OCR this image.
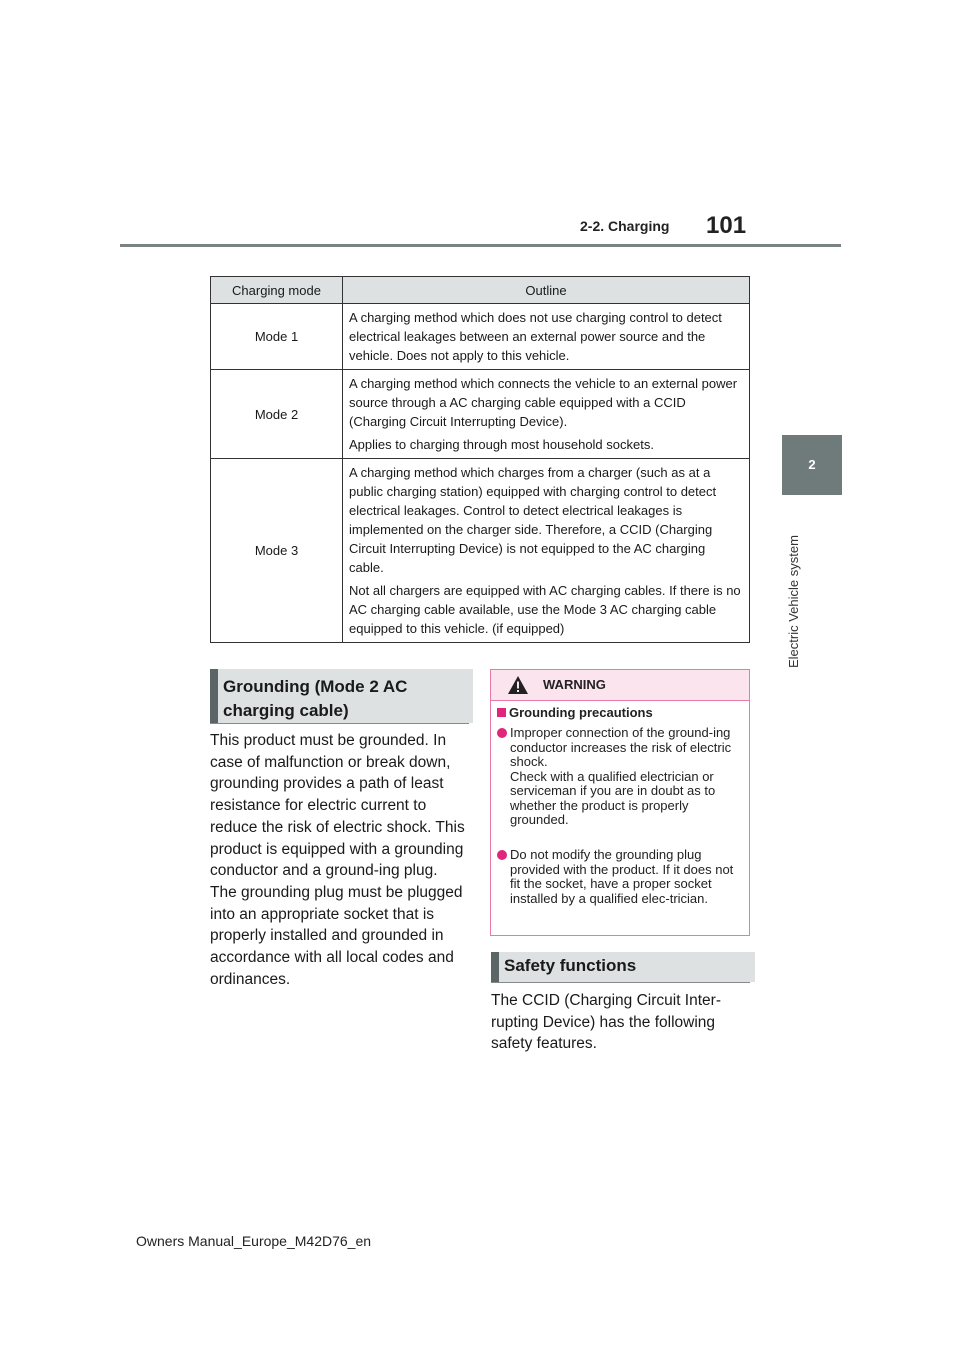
2-2. Charging 101
2
Electric Vehicle system
Charging mode	Outline
Mode 1	A charging method which does not use charging control to detect electrical leakages between an external power source and the vehicle. Does not apply to this vehicle.

Mode 2	A charging method which connects the vehicle to an external power source through a AC charging cable equipped with a CCID (Charging Circuit Interrupting Device).

Applies to charging through most household sockets.

Mode 3	A charging method which charges from a charger (such as at a public charging station) equipped with charging control to detect electrical leakages. Control to detect electrical leakages is implemented on the charger side. Therefore, a CCID (Charging Circuit Interrupting Device) is not equipped to the AC charging cable.

Not all chargers are equipped with AC charging cables. If there is no AC charging cable available, use the Mode 3 AC charging cable equipped to this vehicle. (if equipped)

Grounding (Mode 2 AC charging cable)
This product must be grounded. In case of malfunction or break down, grounding provides a path of least resistance for electric current to reduce the risk of electric shock. This product is equipped with a grounding conductor and a ground-ing plug. The grounding plug must be plugged into an appropriate socket that is properly installed and grounded in accordance with all local codes and ordinances.
WARNING
Grounding precautions
Improper connection of the ground-ing conductor increases the risk of electric shock.
Check with a qualified electrician or serviceman if you are in doubt as to whether the product is properly grounded.
Do not modify the grounding plug provided with the product. If it does not fit the socket, have a proper socket installed by a qualified elec-trician.
Safety functions
The CCID (Charging Circuit Inter-rupting Device) has the following safety features.
Owners Manual_Europe_M42D76_en
